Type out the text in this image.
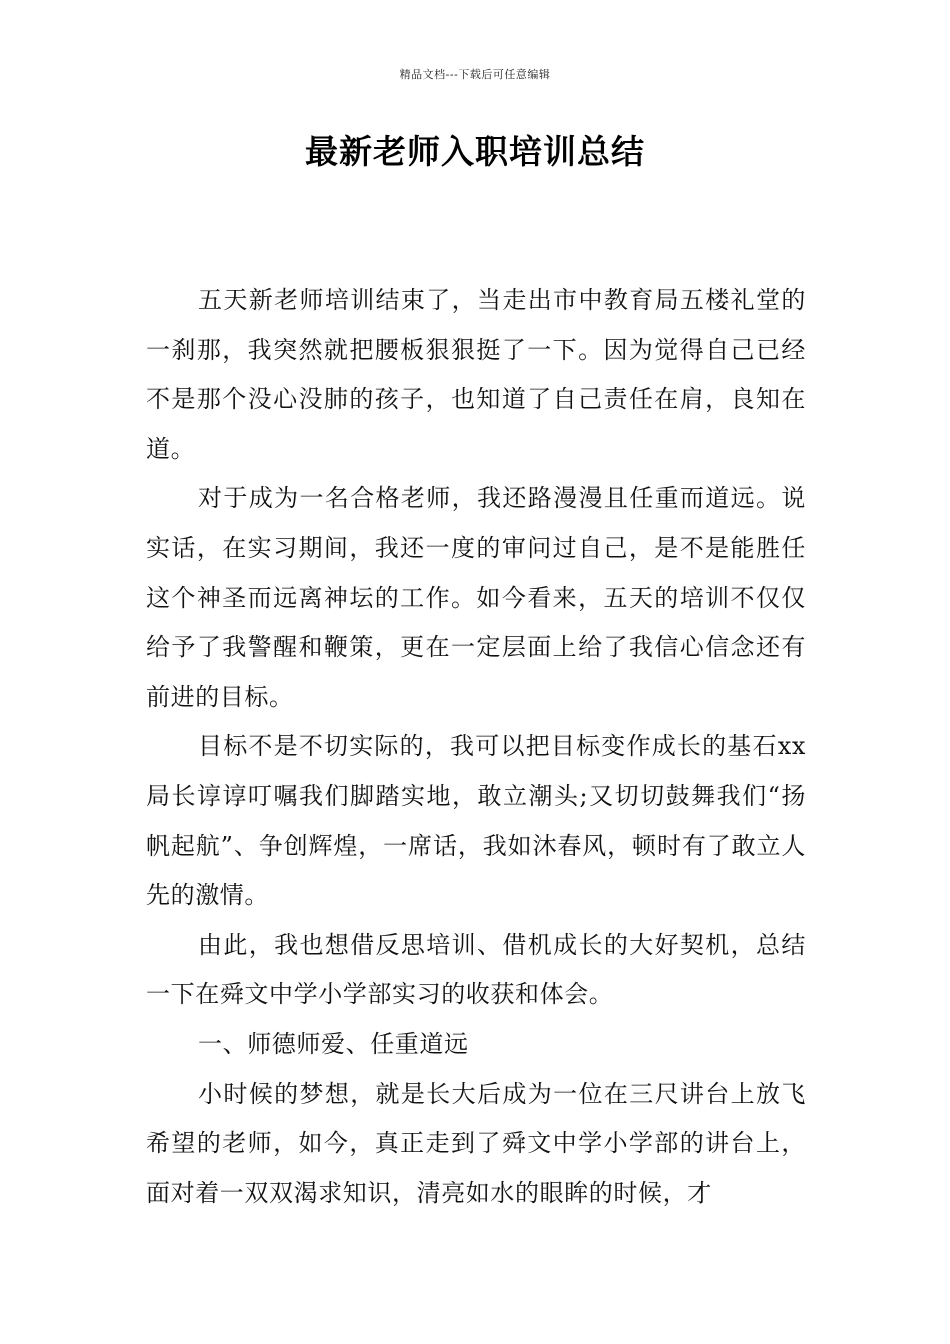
精品文档---下载后可任意编辑
最新老师入职培训总结

五天新老师培训结束了，当走出市中教育局五楼礼堂的一刹那，我突然就把腰板狠狠挺了一下。因为觉得自己已经不是那个没心没肺的孩子，也知道了自己责任在肩，良知在道。

对于成为一名合格老师，我还路漫漫且任重而道远。说实话，在实习期间，我还一度的审问过自己，是不是能胜任这个神圣而远离神坛的工作。如今看来，五天的培训不仅仅给予了我警醒和鞭策，更在一定层面上给了我信心信念还有前进的目标。

目标不是不切实际的，我可以把目标变作成长的基石xx局长谆谆叮嘱我们脚踏实地，敢立潮头;又切切鼓舞我们“扬帆起航”、争创辉煌，一席话，我如沐春风，顿时有了敢立人先的激情。

由此，我也想借反思培训、借机成长的大好契机，总结一下在舜文中学小学部实习的收获和体会。

一、师德师爱、任重道远

小时候的梦想，就是长大后成为一位在三尺讲台上放飞希望的老师，如今，真正走到了舜文中学小学部的讲台上，面对着一双双渴求知识，清亮如水的眼眸的时候，才
